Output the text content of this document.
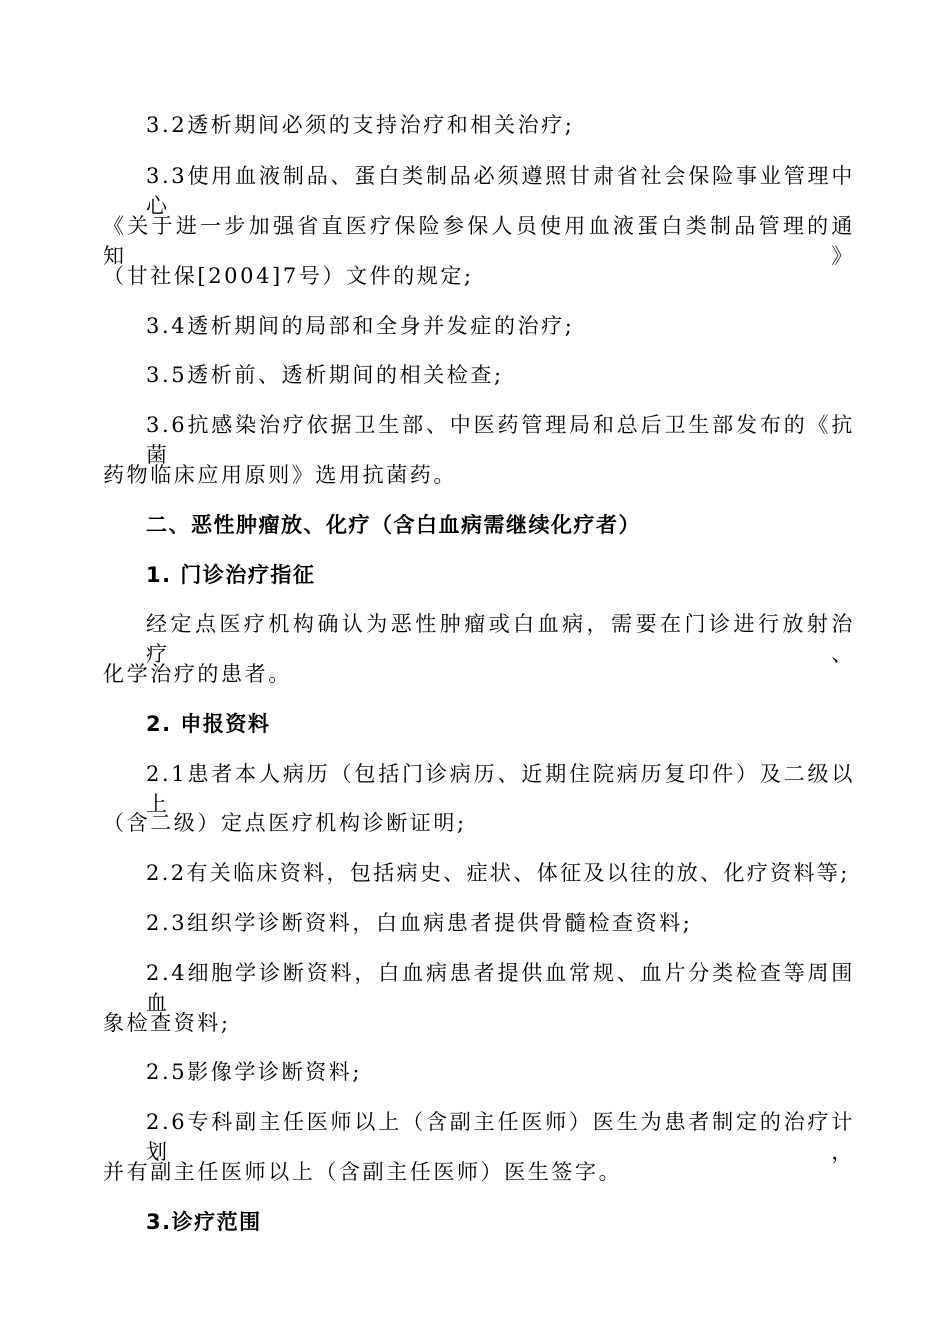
3.2透析期间必须的支持治疗和相关治疗;
3.3使用血液制品、蛋白类制品必须遵照甘肃省社会保险事业管理中心
《关于进一步加强省直医疗保险参保人员使用血液蛋白类制品管理的通知》
（甘社保[2004]7号）文件的规定;
3.4透析期间的局部和全身并发症的治疗;
3.5透析前、透析期间的相关检查;
3.6抗感染治疗依据卫生部、中医药管理局和总后卫生部发布的《抗菌
药物临床应用原则》选用抗菌药。
二、恶性肿瘤放、化疗（含白血病需继续化疗者）
1. 门诊治疗指征
经定点医疗机构确认为恶性肿瘤或白血病，需要在门诊进行放射治疗、
化学治疗的患者。
2. 申报资料
2.1患者本人病历（包括门诊病历、近期住院病历复印件）及二级以上
（含二级）定点医疗机构诊断证明;
2.2有关临床资料，包括病史、症状、体征及以往的放、化疗资料等;
2.3组织学诊断资料，白血病患者提供骨髓检查资料;
2.4细胞学诊断资料，白血病患者提供血常规、血片分类检查等周围血
象检查资料;
2.5影像学诊断资料;
2.6专科副主任医师以上（含副主任医师）医生为患者制定的治疗计划，
并有副主任医师以上（含副主任医师）医生签字。
3.诊疗范围
